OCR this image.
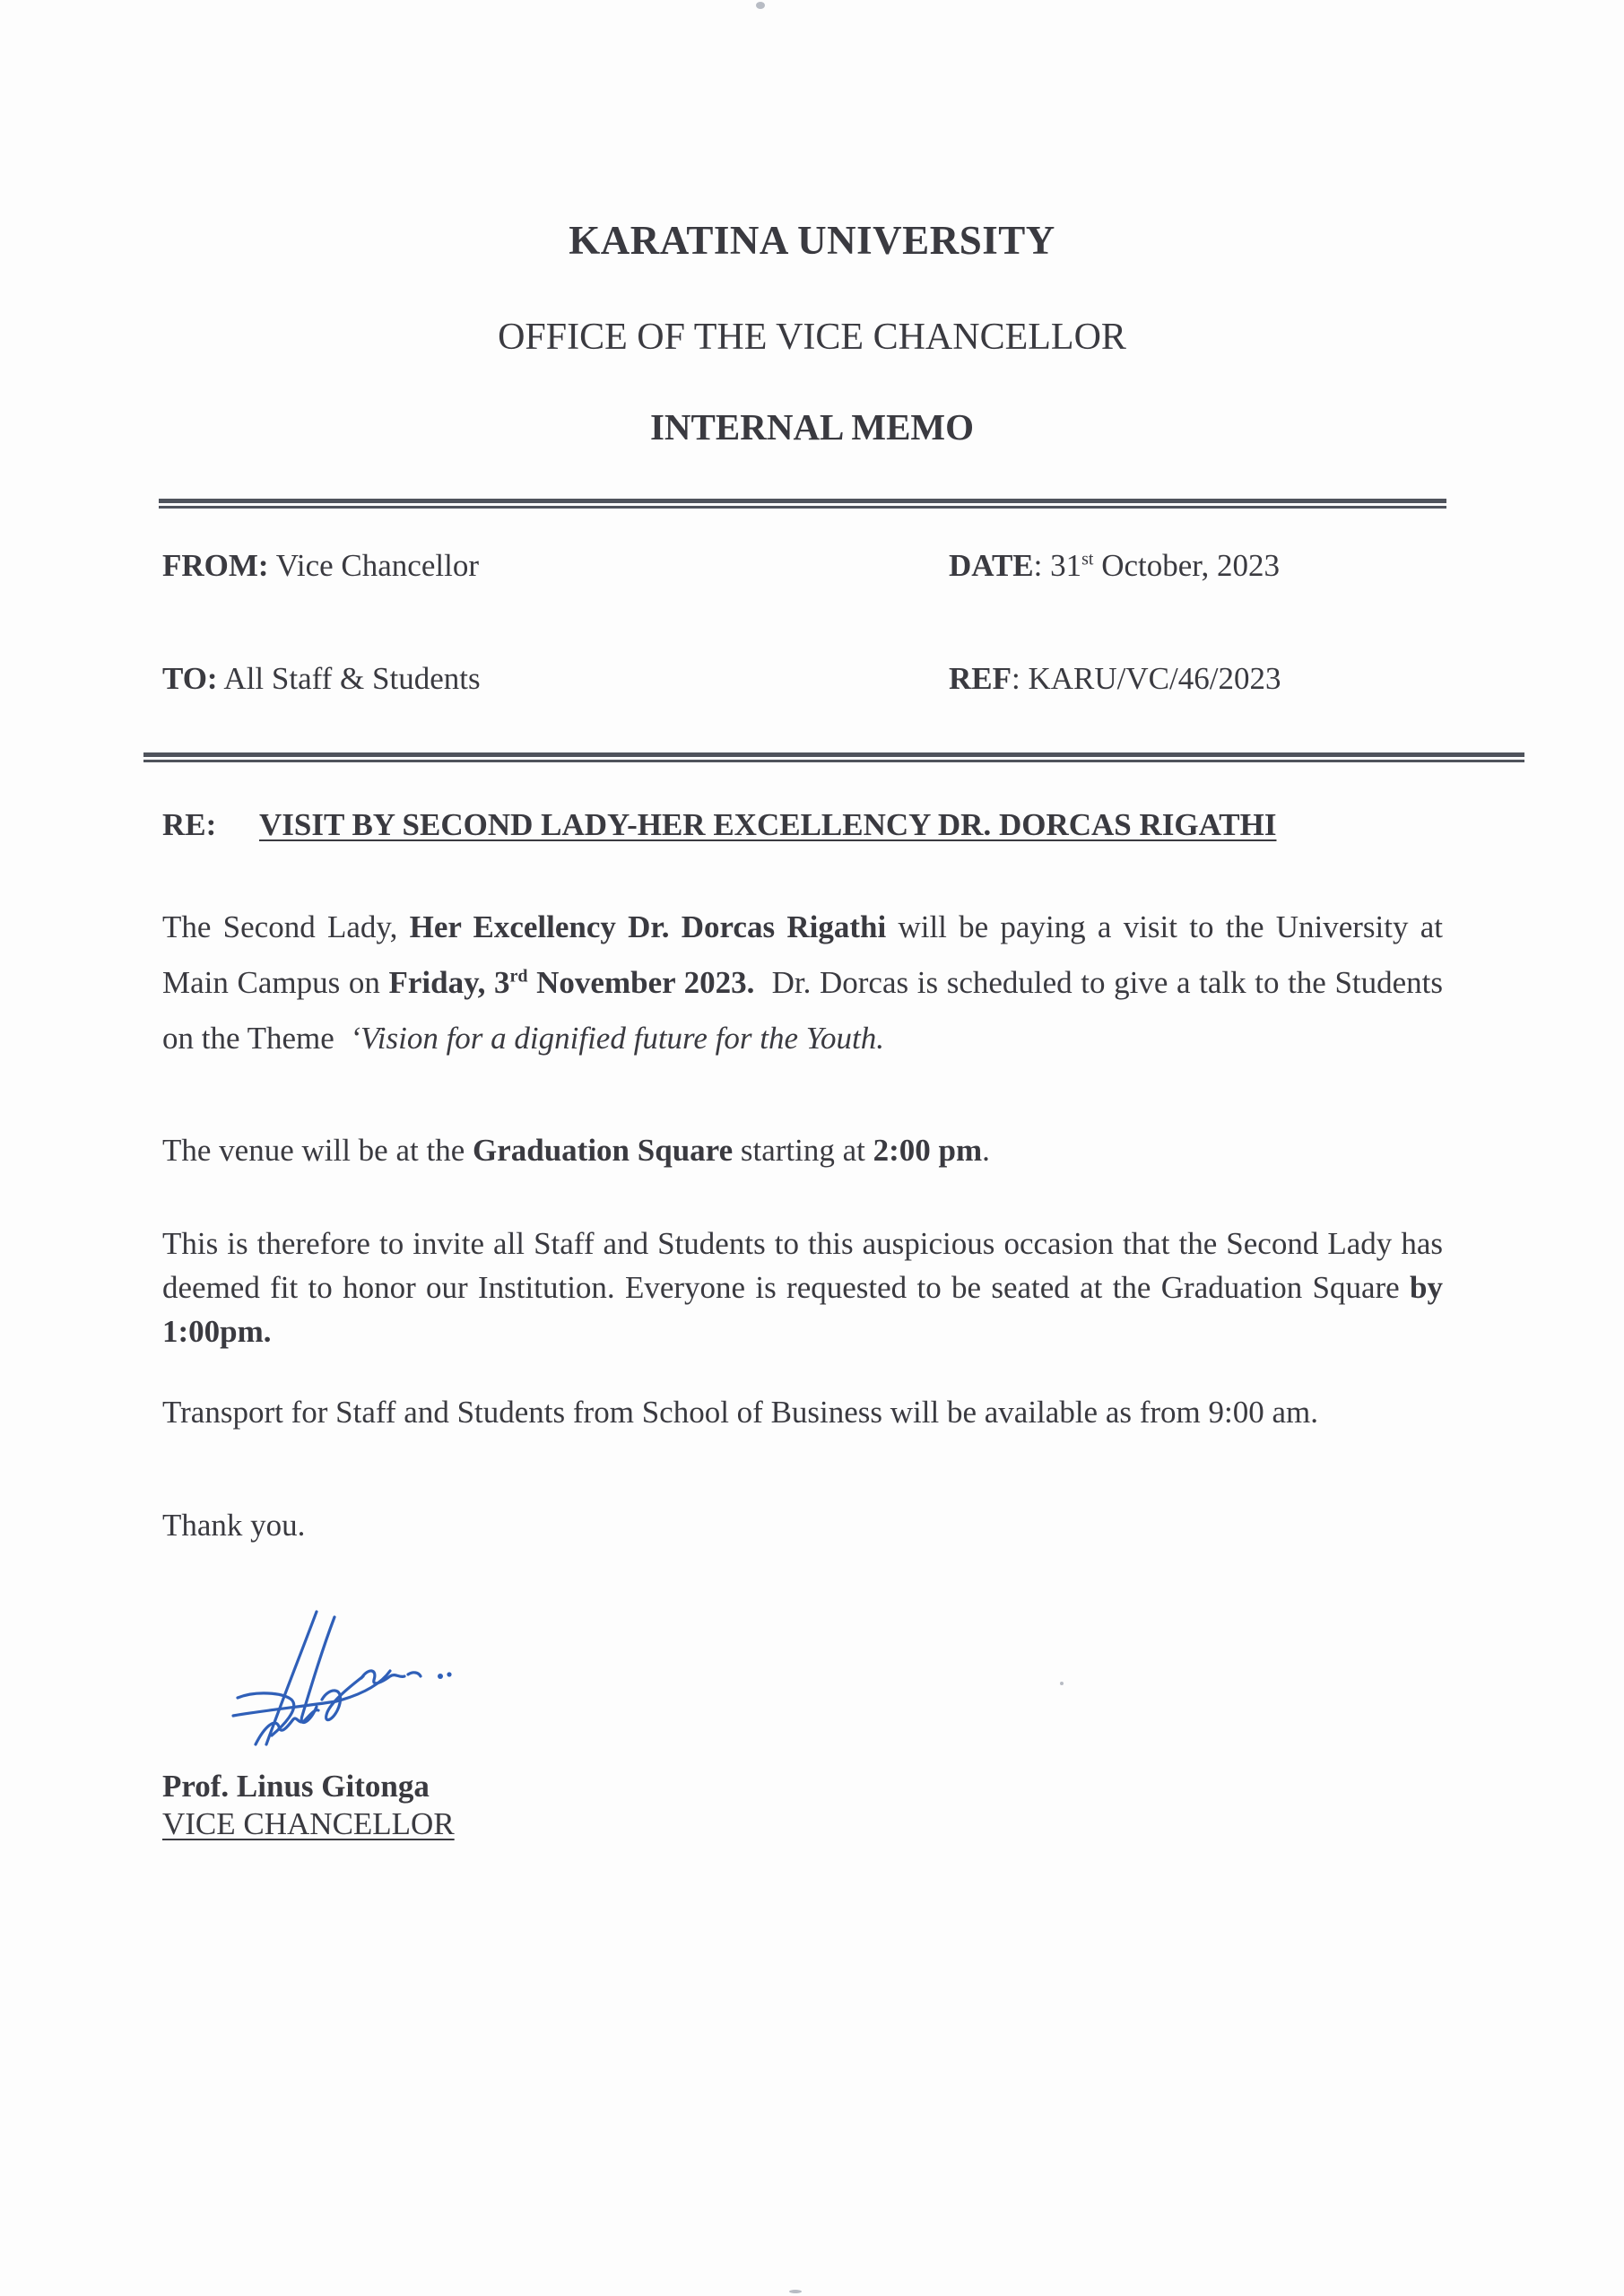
KARATINA UNIVERSITY
OFFICE OF THE VICE CHANCELLOR
INTERNAL MEMO
FROM: Vice Chancellor	DATE: 31st October, 2023
TO: All Staff & Students	REF: KARU/VC/46/2023
RE: VISIT BY SECOND LADY-HER EXCELLENCY DR. DORCAS RIGATHI
The Second Lady, Her Excellency Dr. Dorcas Rigathi will be paying a visit to the University at Main Campus on Friday, 3rd November 2023. Dr. Dorcas is scheduled to give a talk to the Students on the Theme ‘Vision for a dignified future for the Youth.
The venue will be at the Graduation Square starting at 2:00 pm.
This is therefore to invite all Staff and Students to this auspicious occasion that the Second Lady has deemed fit to honor our Institution. Everyone is requested to be seated at the Graduation Square by 1:00pm.
Transport for Staff and Students from School of Business will be available as from 9:00 am.
Thank you.
Prof. Linus Gitonga
VICE CHANCELLOR
